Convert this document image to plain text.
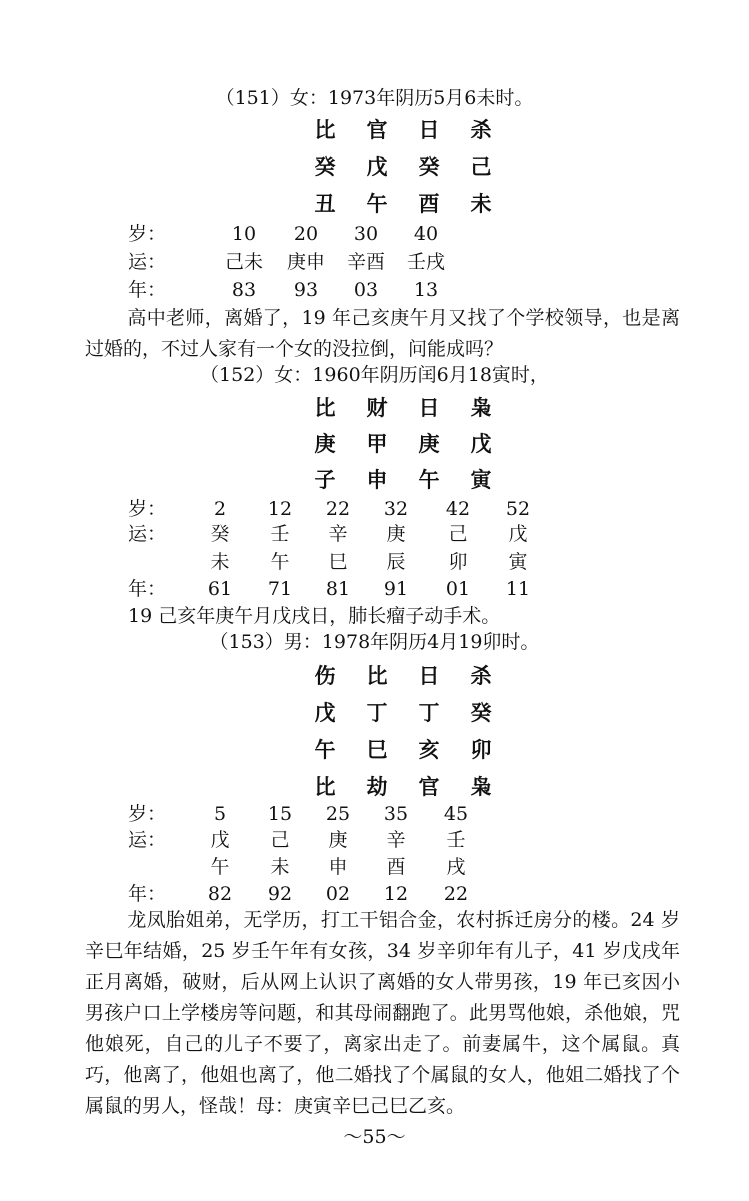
（151）女：1973年阴历5月6未时。
比 官 日 杀
癸 戊 癸 己
丑 午 酉 未
岁：	10	20	30	40
运：	己未	庚申	辛酉	壬戌
年：	83	93	03	13
高中老师，离婚了，19 年己亥庚午月又找了个学校领导，也是离过婚的，不过人家有一个女的没拉倒，问能成吗？
（152）女：1960年阴历闰6月18寅时，
比 财 日 枭
庚 甲 庚 戊
子 申 午 寅
岁：	2	12	22	32	42	52
运：	癸	壬	辛	庚	己	戊
未	午	巳	辰	卯	寅
年：	61	71	81	91	01	11
19 己亥年庚午月戊戌日，肺长瘤子动手术。
（153）男：1978年阴历4月19卯时。
伤 比 日 杀
戊 丁 丁 癸
午 巳 亥 卯
比 劫 官 枭
岁：	5	15	25	35	45
运：	戊	己	庚	辛	壬
午	未	申	酉	戌
年：	82	92	02	12	22
龙凤胎姐弟，无学历，打工干铝合金，农村拆迁房分的楼。24 岁辛巳年结婚，25 岁壬午年有女孩，34 岁辛卯年有儿子，41 岁戊戌年正月离婚，破财，后从网上认识了离婚的女人带男孩，19 年已亥因小男孩户口上学楼房等问题，和其母闹翻跑了。此男骂他娘，杀他娘，咒他娘死，自己的儿子不要了，离家出走了。前妻属牛，这个属鼠。真巧，他离了，他姐也离了，他二婚找了个属鼠的女人，他姐二婚找了个属鼠的男人，怪哉！母：庚寅辛巳己巳乙亥。
～55～
